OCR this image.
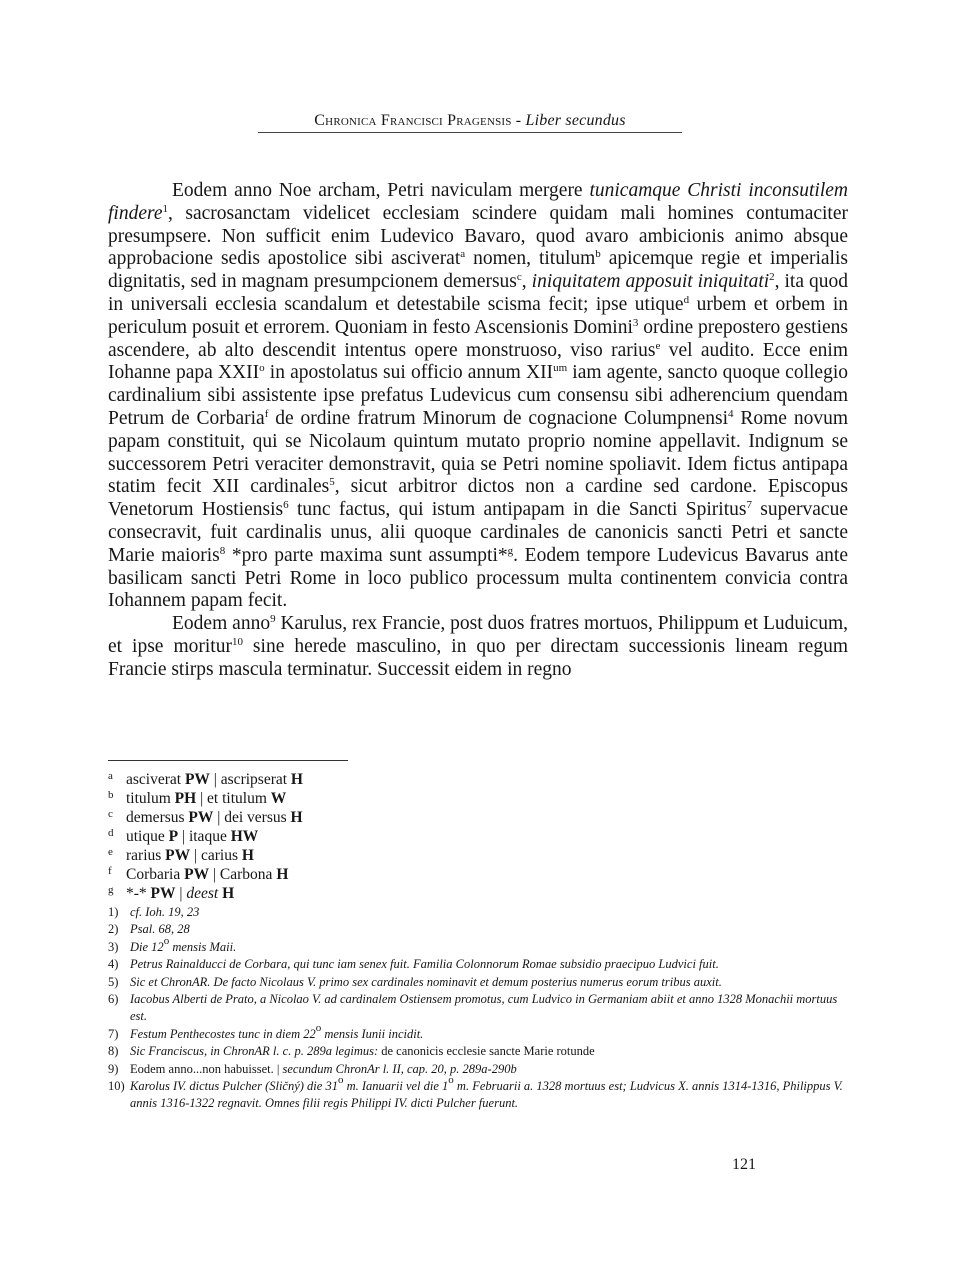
Chronica Francisci Pragensis - Liber secundus

Eodem anno Noe archam, Petri naviculam mergere tunicamque Christi inconsutilem findere$^1$, sacrosanctam videlicet ecclesiam scindere quidam mali homines contumaciter presumpsere. Non sufficit enim Ludevico Bavaro, quod avaro ambicionis animo absque approbacione sedis apostolice sibi asciverat$^a$ nomen, titulum$^b$ apicemque regie et imperialis dignitatis, sed in magnam presumpcionem demersus$^c$, iniquitatem apposuit iniquitati$^2$, ita quod in universali ecclesia scandalum et detestabile scisma fecit; ipse utique$^d$ urbem et orbem in periculum posuit et errorem. Quoniam in festo Ascensionis Domini$^3$ ordine prepostero gestiens ascendere, ab alto descendit intentus opere monstruoso, viso rarius$^e$ vel audito. Ecce enim Iohanne papa XXII$^o$ in apostolatus sui officio annum $XII^{um}$ iam agente, sancto quoque collegio cardinalium sibi assistente ipse prefatus Ludevicus cum consensu sibi adherencium quendam Petrum de Corbaria$^f$ de ordine fratrum Minorum de cognacione Columpnensi$^4$ Rome novum papam constituit, qui se Nicolaum quintum mutato proprio nomine appellavit. Indignum se successorem Petri veraciter demonstravit, quia se Petri nomine spoliavit. Idem fictus antipapa statim fecit XII cardinales$^5$, sicut arbitror dictos non a cardine sed cardone. Episcopus Venetorum Hostiensis$^6$ tunc factus, qui istum antipapam in die Sancti Spiritus$^7$ supervacue consecravit, fuit cardinalis unus, alii quoque cardinales de canonicis sancti Petri et sancte Marie maioris$^8$ *pro parte maxima sunt assumpti*$^g$. Eodem tempore Ludevicus Bavarus ante basilicam sancti Petri Rome in loco publico processum multa continentem convicia contra Iohannem papam fecit.

Eodem anno$^9$ Karulus, rex Francie, post duos fratres mortuos, Philippum et Luduicum, et ipse moritur$^{10}$ sine herede masculino, in quo per directam successionis lineam regum Francie stirps mascula terminatur. Successit eidem in regno

a asciverat PW | ascripserat H
b titulum PH | et titulum W
c demersus PW | dei versus H
d utique P | itaque HW
e rarius PW | carius H
f Corbaria PW | Carbona H
g *-* PW | deest H
1) cf. Ioh. 19, 23
2) Psal. 68, 28
3) Die 12$^o$ mensis Maii.
4) Petrus Rainalducci de Corbara, qui tunc iam senex fuit. Familia Colonnorum Romae subsidio praecipuo Ludvici fuit.
5) Sic et ChronAR. De facto Nicolaus V. primo sex cardinales nominavit et demum posterius numerus eorum tribus auxit.
6) Iacobus Alberti de Prato, a Nicolao V. ad cardinalem Ostiensem promotus, cum Ludvico in Germaniam abiit et anno 1328 Monachii mortuus est.
7) Festum Penthecostes tunc in diem 22$^o$ mensis Iunii incidit.
8) Sic Franciscus, in ChronAR l. c. p. 289a legimus: de canonicis ecclesie sancte Marie rotunde
9) Eodem anno...non habuisset. | secundum ChronAr l. II, cap. 20, p. 289a-290b
10) Karolus IV. dictus Pulcher (Sličný) die 31$^o$ m. Ianuarii vel die 1$^o$ m. Februarii a. 1328 mortuus est; Ludvicus X. annis 1314-1316, Philippus V. annis 1316-1322 regnavit. Omnes filii regis Philippi IV. dicti Pulcher fuerunt.
121
